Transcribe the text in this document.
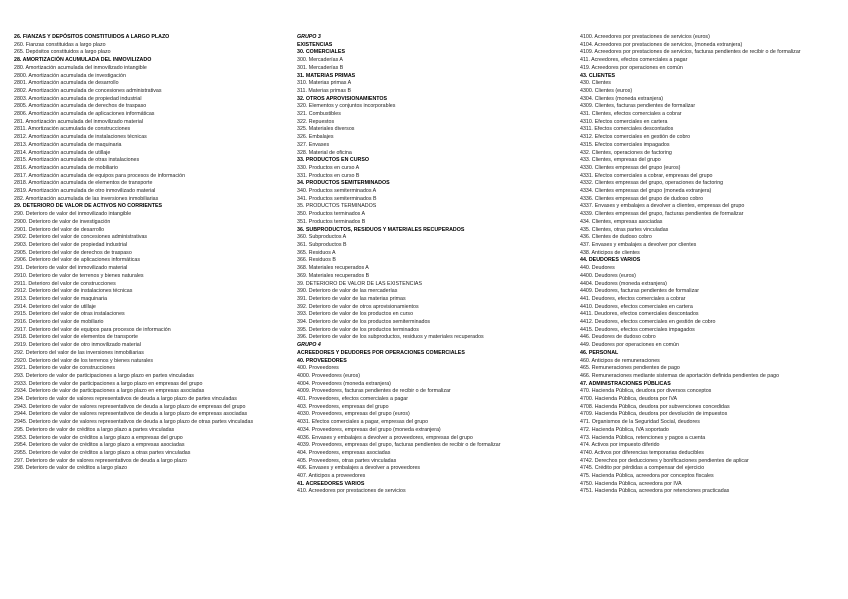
26. FIANZAS Y DEPÓSITOS CONSTITUIDOS A LARGO PLAZO
260. Fianzas constituidas a largo plazo
265. Depósitos constituidos a largo plazo
28. AMORTIZACIÓN ACUMULADA DEL INMOVILIZADO
280. Amortización acumulada del inmovilizado intangible
2800. Amortización acumulada de investigación
2801. Amortización acumulada de desarrollo
2802. Amortización acumulada de concesiones administrativas
2803. Amortización acumulada de propiedad industrial
2805. Amortización acumulada de derechos de traspaso
2806. Amortización acumulada de aplicaciones informáticas
281. Amortización acumulada del inmovilizado material
2811. Amortización acumulada de construcciones
2812. Amortización acumulada de instalaciones técnicas
2813. Amortización acumulada de maquinaria
2814. Amortización acumulada de utillaje
2815. Amortización acumulada de otras instalaciones
2816. Amortización acumulada de mobiliario
2817. Amortización acumulada de equipos para procesos de información
2818. Amortización acumulada de elementos de transporte
2819. Amortización acumulada de otro inmovilizado material
282. Amortización acumulada de las inversiones inmobiliarias
29. DETERIORO DE VALOR DE ACTIVOS NO CORRIENTES
290. Deterioro de valor del inmovilizado intangible
2900. Deterioro de valor de investigación
2901. Deterioro del valor de desarrollo
2902. Deterioro del valor de concesiones administrativas
2903. Deterioro del valor de propiedad industrial
2905. Deterioro del valor de derechos de traspaso
2906. Deterioro del valor de aplicaciones informáticas
291. Deterioro de valor del inmovilizado material
2910. Deterioro de valor de terrenos y bienes naturales
2911. Deterioro del valor de construcciones
2912. Deterioro del valor de instalaciones técnicas
2913. Deterioro del valor de maquinaria
2914. Deterioro del valor de utillaje
2915. Deterioro del valor de otras instalaciones
2916. Deterioro del valor de mobiliario
2917. Deterioro del valor de equipos para procesos de información
2918. Deterioro del valor de elementos de transporte
2919. Deterioro del valor de otro inmovilizado material
292. Deterioro del valor de las inversiones inmobiliarias
2920. Deterioro del valor de los terrenos y bienes naturales
2921. Deterioro de valor de construcciones
293. Deterioro de valor de participaciones a largo plazo en partes vinculadas
2933. Deterioro de valor de participaciones a largo plazo en empresas del grupo
2934. Deterioro de valor de participaciones a largo plazo en empresas asociadas
294. Deterioro de valor de valores representativos de deuda a largo plazo de partes vinculadas
2943. Deterioro de valor de valores representativos de deuda a largo plazo de empresas del grupo
2944. Deterioro de valor de valores representativos de deuda a largo plazo de empresas asociadas
2945. Deterioro de valor de valores representativos de deuda a largo plazo de otras partes vinculadas
295. Deterioro de valor de créditos a largo plazo a partes vinculadas
2953. Deterioro de valor de créditos a largo plazo a empresas del grupo
2954. Deterioro de valor de créditos a largo plazo a empresas asociadas
2955. Deterioro de valor de créditos a largo plazo a otras partes vinculadas
297. Deterioro de valor de valores representativos de deuda a largo plazo
298. Deterioro de valor de créditos a largo plazo
GRUPO 3
EXISTENCIAS
30. COMERCIALES
300. Mercaderías A
301. Mercaderías B
31. MATERIAS PRIMAS
310. Materias primas A
311. Materias primas B
32. OTROS APROVISIONAMIENTOS
320. Elementos y conjuntos incorporables
321. Combustibles
322. Repuestos
325. Materiales diversos
326. Embalajes
327. Envases
328. Material de oficina
33. PRODUCTOS EN CURSO
330. Productos en curso A
331. Productos en curso B
34. PRODUCTOS SEMITERMINADOS
340. Productos semiterminados A
341. Productos semiterminados B
35. PRODUCTOS TERMINADOS
350. Productos terminados A
351. Productos terminados B
36. SUBPRODUCTOS, RESIDUOS Y MATERIALES RECUPERADOS
360. Subproductos A
361. Subproductos B
365. Residuos A
366. Residuos B
368. Materiales recuperados A
369. Materiales recuperados B
39. DETERIORO DE VALOR DE LAS EXISTENCIAS
390. Deterioro de valor de las mercaderías
391. Deterioro de valor de las materias primas
392. Deterioro de valor de otros aprovisionamientos
393. Deterioro de valor de los productos en curso
394. Deterioro de valor de los productos semiterminados
395. Deterioro de valor de los productos terminados
396. Deterioro de valor de los subproductos, residuos y materiales recuperados
GRUPO 4
ACREEDORES Y DEUDORES POR OPERACIONES COMERCIALES
40. PROVEEDORES
400. Proveedores
4000. Proveedores (euros)
4004. Proveedores (moneda extranjera)
4009. Proveedores, facturas pendientes de recibir o de formalizar
401. Proveedores, efectos comerciales a pagar
403. Proveedores, empresas del grupo
4030. Proveedores, empresas del grupo (euros)
4031. Efectos comerciales a pagar, empresas del grupo
4034. Proveedores, empresas del grupo (moneda extranjera)
4036. Envases y embalajes a devolver a proveedores, empresas del grupo
4039. Proveedores, empresas del grupo, facturas pendientes de recibir o de formalizar
404. Proveedores, empresas asociadas
405. Proveedores, otras partes vinculadas
406. Envases y embalajes a devolver a proveedores
407. Anticipos a proveedores
41. ACREEDORES VARIOS
410. Acreedores por prestaciones de servicios
4100. Acreedores por prestaciones de servicios (euros)
4104. Acreedores por prestaciones de servicios, (moneda extranjera)
4109. Acreedores por prestaciones de servicios, facturas pendientes de recibir o de formalizar
411. Acreedores, efectos comerciales a pagar
419. Acreedores por operaciones en común
43. CLIENTES
430. Clientes
4300. Clientes (euros)
4304. Clientes (moneda extranjera)
4309. Clientes, facturas pendientes de formalizar
431. Clientes, efectos comerciales a cobrar
4310. Efectos comerciales en cartera
4311. Efectos comerciales descontados
4312. Efectos comerciales en gestión de cobro
4315. Efectos comerciales impagados
432. Clientes, operaciones de factoring
433. Clientes, empresas del grupo
4330. Clientes empresas del grupo (euros)
4331. Efectos comerciales a cobrar, empresas del grupo
4332. Clientes empresas del grupo, operaciones de factoring
4334. Clientes empresas del grupo (moneda extranjera)
4336. Clientes empresas del grupo de dudoso cobro
4337. Envases y embalajes a devolver a clientes, empresas del grupo
4339. Clientes empresas del grupo, facturas pendientes de formalizar
434. Clientes, empresas asociadas
435. Clientes, otras partes vinculadas
436. Clientes de dudoso cobro
437. Envases y embalajes a devolver por clientes
438. Anticipos de clientes
44. DEUDORES VARIOS
440. Deudores
4400. Deudores (euros)
4404. Deudores (moneda extranjera)
4409. Deudores, facturas pendientes de formalizar
441. Deudores, efectos comerciales a cobrar
4410. Deudores, efectos comerciales en cartera
4411. Deudores, efectos comerciales descontados
4412. Deudores, efectos comerciales en gestión de cobro
4415. Deudores, efectos comerciales impagados
446. Deudores de dudoso cobro
449. Deudores por operaciones en común
46. PERSONAL
460. Anticipos de remuneraciones
465. Remuneraciones pendientes de pago
466. Remuneraciones mediante sistemas de aportación definida pendientes de pago
47. ADMINISTRACIONES PÚBLICAS
470. Hacienda Pública, deudora por diversos conceptos
4700. Hacienda Pública, deudora por IVA
4708. Hacienda Pública, deudora por subvenciones concedidas
4709. Hacienda Pública, deudora por devolución de impuestos
471. Organismos de la Seguridad Social, deudores
472. Hacienda Pública, IVA soportado
473. Hacienda Pública, retenciones y pagos a cuenta
474. Activos por impuesto diferido
4740. Activos por diferencias temporarias deducibles
4742. Derechos por deducciones y bonificaciones pendientes de aplicar
4745. Crédito por pérdidas a compensar del ejercicio
475. Hacienda Pública, acreedora por conceptos fiscales
4750. Hacienda Pública, acreedora por IVA
4751. Hacienda Pública, acreedora por retenciones practicadas
